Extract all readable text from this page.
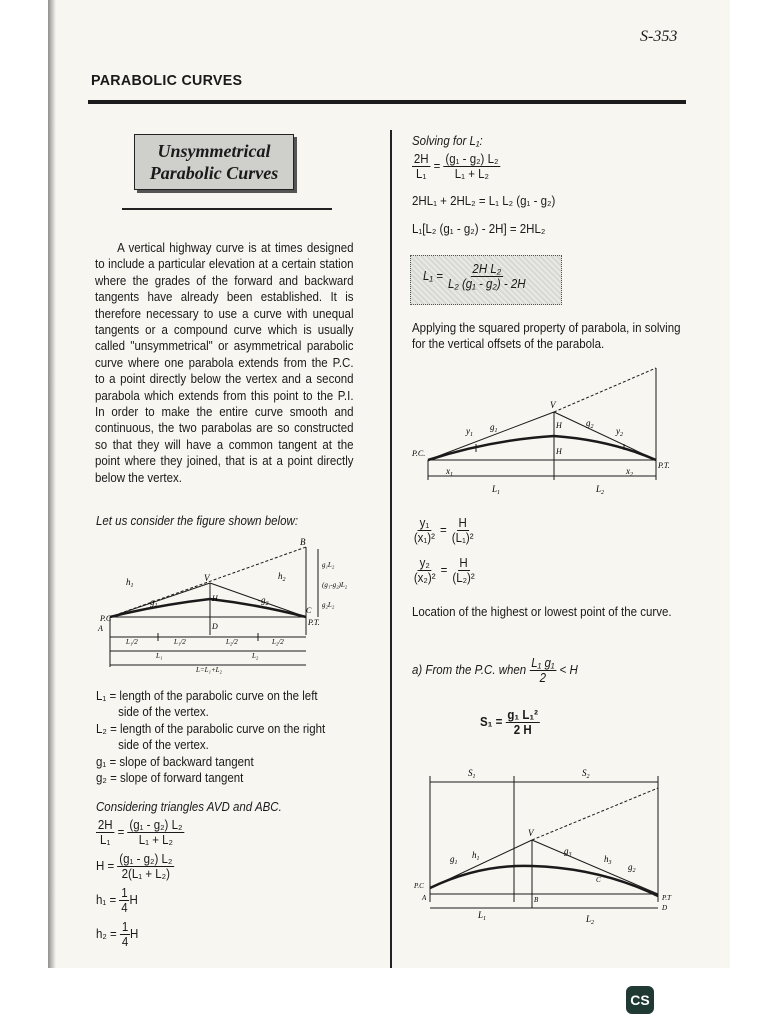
S-353
PARABOLIC CURVES
Unsymmetrical
Parabolic Curves

A vertical highway curve is at times designed to include a particular elevation at a certain station where the grades of the forward and backward tangents have already been established. It is therefore necessary to use a curve with unequal tangents or a compound curve which is usually called "unsymmetrical" or asymmetrical parabolic curve where one parabola extends from the P.C. to a point directly below the vertex and a second parabola which extends from this point to the P.I. In order to make the entire curve smooth and continuous, the two parabolas are so constructed so that they will have a common tangent at the point where they joined, that is at a point directly below the vertex.

Let us consider the figure shown below:
B
V
A
P.C	P.T.
$h_1$
$h_2$
$g_1$
$-g_2$
H
D
C
g₁L₂
(g₁-g₂)L₂
g₂L₂
L₁/2	L₁/2	L₂/2	L₂/2
L₁	L₂
L=L₁+L₂
L₁ = length of the parabolic curve on the left
side of the vertex.
L₂ = length of the parabolic curve on the right
side of the vertex.
g₁ = slope of backward tangent
g₂ = slope of forward tangent
Considering triangles AVD and ABC.
$\frac{2H}{\text{L₁}} = \frac{\text{(g₁ - g₂) L₂}}{\text{L₁ + L₂}}$
$H = \frac{\text{(g₁ - g₂) L₂}}{\text{2(L₁ + L₂)}}$
$h_1 = \frac{1}{4}$ H
$h_2 = \frac{1}{4}$ H
Solving for L₁:
$\frac{2H}{\text{L₁}} = \frac{\text{(g₁ - g₂) L₂}}{\text{L₁ + L₂}}$
2HL₁ + 2HL₂ = L₁ L₂ (g₁ - g₂)
L₁[L₂ (g₁ - g₂) - 2H] = 2HL₂
$L_1 = \frac{\text{2H L₂}}{\text{L₂ (g₁ - g₂) - 2H}}$
Applying the squared property of parabola, in solving for the vertical offsets of the parabola.
V
P.C.
P.T.
$y_1$
$g_1$
$g_2$	$y_2$
H
H
$x_1$	$x_2$
$L_1$	$L_2$
$\frac{\text{y₁}}{\text{(x₁)²}} = \frac{H}{\text{(L₁)²}}$
$\frac{\text{y₂}}{\text{(x₂)²}} = \frac{H}{\text{(L₂)²}}$
Location of the highest or lowest point of the curve.
a) From the P.C. when $\frac{\text{L₁ g₁}}{2} < H$
$S_1 = \frac{\text{g₁ L₁²}}{2 H}$
$S_1$	$S_2$
V
P.C
P.T
A
D
B
C
$g_1$
$h_1$
$g_3$	$h_3$ $g_2$
$L_1$	$L_2$
CS
